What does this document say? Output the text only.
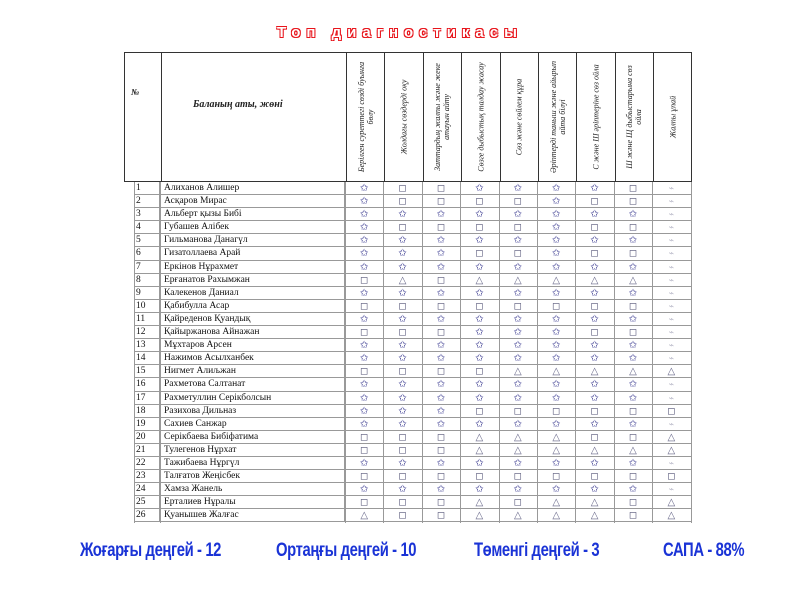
Топ диагностикасы
№
Баланың аты, жөні	Берілген суреттегі сөзді буынға бөлу	Жолдағы сөздерді оқу	Заттардың жалпы және жеке атауын айту	Сөзге дыбыстық талдау жасау	Сөз және сөйлем құра	Әріптерді таныш және айырып айта білуі	С және Ш әріптеріне сөз ойла	Ш және Щ дыбыстарына сөз ойла	Жалпы ұпай
1	Алиханов Алишер	✩	◻	◻	✩	✩	✩	✩	◻	⌁
2	Асқаров Мирас	✩	◻	◻	◻	◻	✩	◻	◻	⌁
3	Альберт қызы Бибі	✩	✩	✩	✩	✩	✩	✩	✩	⌁
4	Губашев Алібек	✩	◻	◻	◻	◻	✩	◻	◻	⌁
5	Гильманова Данагүл	✩	✩	✩	✩	✩	✩	✩	✩	⌁
6	Гизатоллаева Арай	✩	✩	✩	◻	◻	✩	◻	◻	⌁
7	Еркінов Нұрахмет	✩	✩	✩	✩	✩	✩	✩	✩	⌁
8	Ерғанатов Рахымжан	◻	△	◻	△	△	△	△	△	⌁
9	Калекенов Даниал	✩	✩	✩	✩	✩	✩	✩	✩	⌁
10	Қабибулла Асар	◻	◻	◻	◻	◻	◻	◻	◻	⌁
11	Қайреденов Қуандық	✩	✩	✩	✩	✩	✩	✩	✩	⌁
12	Қайыржанова Айнажан	◻	◻	◻	✩	✩	✩	◻	◻	⌁
13	Мұхтаров Арсен	✩	✩	✩	✩	✩	✩	✩	✩	⌁
14	Нажимов Асылханбек	✩	✩	✩	✩	✩	✩	✩	✩	⌁
15	Нигмет Алиљжан	◻	◻	◻	◻	△	△	△	△	△
16	Рахметова Салтанат	✩	✩	✩	✩	✩	✩	✩	✩	⌁
17	Рахметуллин Серікболсын	✩	✩	✩	✩	✩	✩	✩	✩	⌁
18	Разихова Дильназ	✩	✩	✩	◻	◻	◻	◻	◻	◻
19	Сахиев Санжар	✩	✩	✩	✩	✩	✩	✩	✩	⌁
20	Серікбаева Бибіфатима	◻	◻	◻	△	△	△	◻	◻	△
21	Тулегенов Нұрхат	◻	◻	◻	△	△	△	△	△	△
22	Тажибаева Нұргүл	✩	✩	✩	✩	✩	✩	✩	✩	⌁
23	Талғатов Жеңісбек	◻	◻	◻	◻	◻	◻	◻	◻	◻
24	Хамза Жанель	✩	✩	✩	✩	✩	✩	✩	✩	⌁
25	Ерталиев Нұралы	◻	◻	◻	△	◻	△	△	◻	△
26	Қуанышев Жалғас	△	◻	◻	△	△	△	△	◻	△
Жоғарғы деңгей - 12	Ортаңғы деңгей - 10	Төменгі деңгей - 3	САПА - 88%
